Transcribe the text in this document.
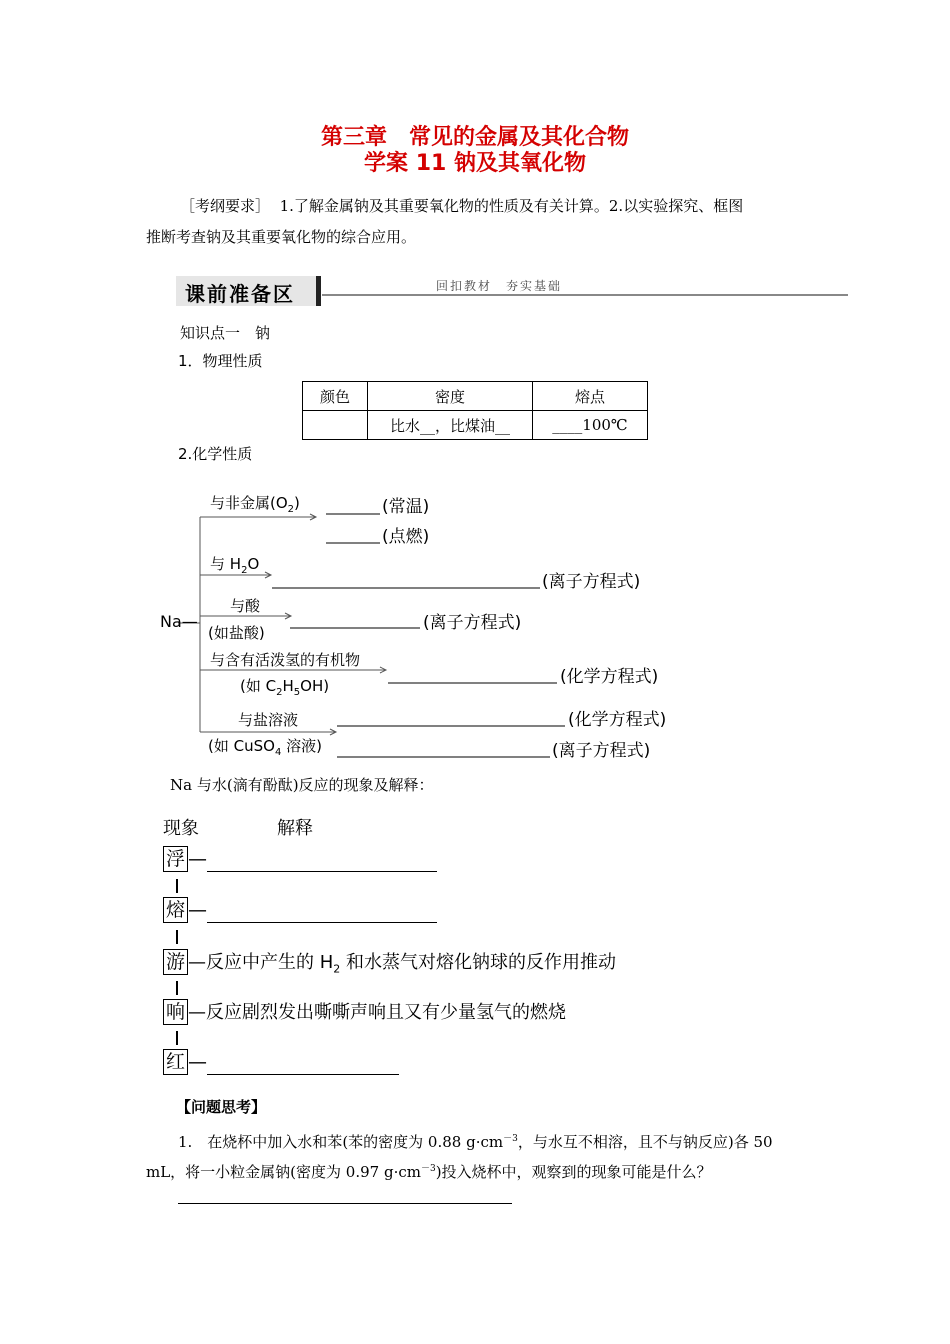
第三章　常见的金属及其化合物
学案 11 钠及其氧化物
［考纲要求］ 1.了解金属钠及其重要氧化物的性质及有关计算。2.以实验探究、框图
推断考查钠及其重要氧化物的综合应用。
课前准备区	回扣教材　夯实基础
知识点一　钠
1．物理性质
颜色	密度	熔点
	比水__，比煤油__	____100℃
2.化学性质
Na—
与非金属$(O_2)$	(常温)
(点燃)
与 $H_2O$
(离子方程式)
与酸
(如盐酸)	(离子方程式)
与含有活泼氢的有机物
(如 $C_2H_5OH$)	(化学方程式)
与盐溶液
(如 CuSO$_4$ 溶液)
(化学方程式)
(离子方程式)
Na 与水(滴有酚酞)反应的现象及解释：
现象	解释
浮 —
熔 —
游 —反应中产生的 $H_2$ 和水蒸气对熔化钠球的反作用推动
响 —反应剧烈发出嘶嘶声响且又有少量氢气的燃烧
红 —
【问题思考】
1.　在烧杯中加入水和苯(苯的密度为 0.88 $g\cdot cm^{-3}$，与水互不相溶，且不与钠反应)各 50
mL，将一小粒金属钠(密度为 0.97 $g\cdot cm^{-3}$)投入烧杯中，观察到的现象可能是什么？
